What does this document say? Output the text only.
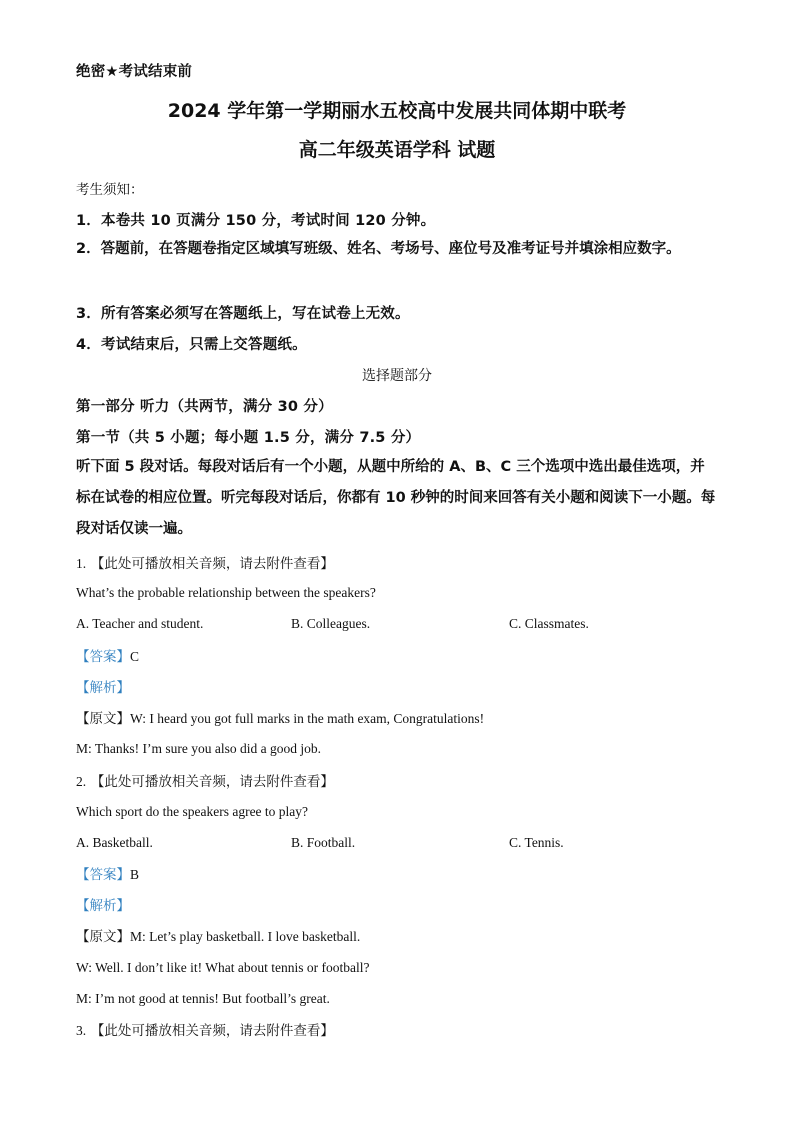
绝密★考试结束前
2024 学年第一学期丽水五校高中发展共同体期中联考
高二年级英语学科 试题
考生须知：
1．本卷共 10 页满分 150 分，考试时间 120 分钟。
2．答题前，在答题卷指定区域填写班级、姓名、考场号、座位号及准考证号并填涂相应数字。
3．所有答案必须写在答题纸上，写在试卷上无效。
4．考试结束后，只需上交答题纸。
选择题部分
第一部分 听力（共两节，满分 30 分）
第一节（共 5 小题；每小题 1.5 分，满分 7.5 分）
听下面 5 段对话。每段对话后有一个小题，从题中所给的 A、B、C 三个选项中选出最佳选项，并标在试卷的相应位置。听完每段对话后，你都有 10 秒钟的时间来回答有关小题和阅读下一小题。每段对话仅读一遍。
1. 【此处可播放相关音频，请去附件查看】
What’s the probable relationship between the speakers?
A. Teacher and student.	B. Colleagues.	C. Classmates.
【答案】C
【解析】
【原文】W: I heard you got full marks in the math exam, Congratulations!
M: Thanks! I’m sure you also did a good job.
2. 【此处可播放相关音频，请去附件查看】
Which sport do the speakers agree to play?
A. Basketball.	B. Football.	C. Tennis.
【答案】B
【解析】
【原文】M: Let’s play basketball. I love basketball.
W: Well. I don’t like it! What about tennis or football?
M: I’m not good at tennis! But football’s great.
3. 【此处可播放相关音频，请去附件查看】
